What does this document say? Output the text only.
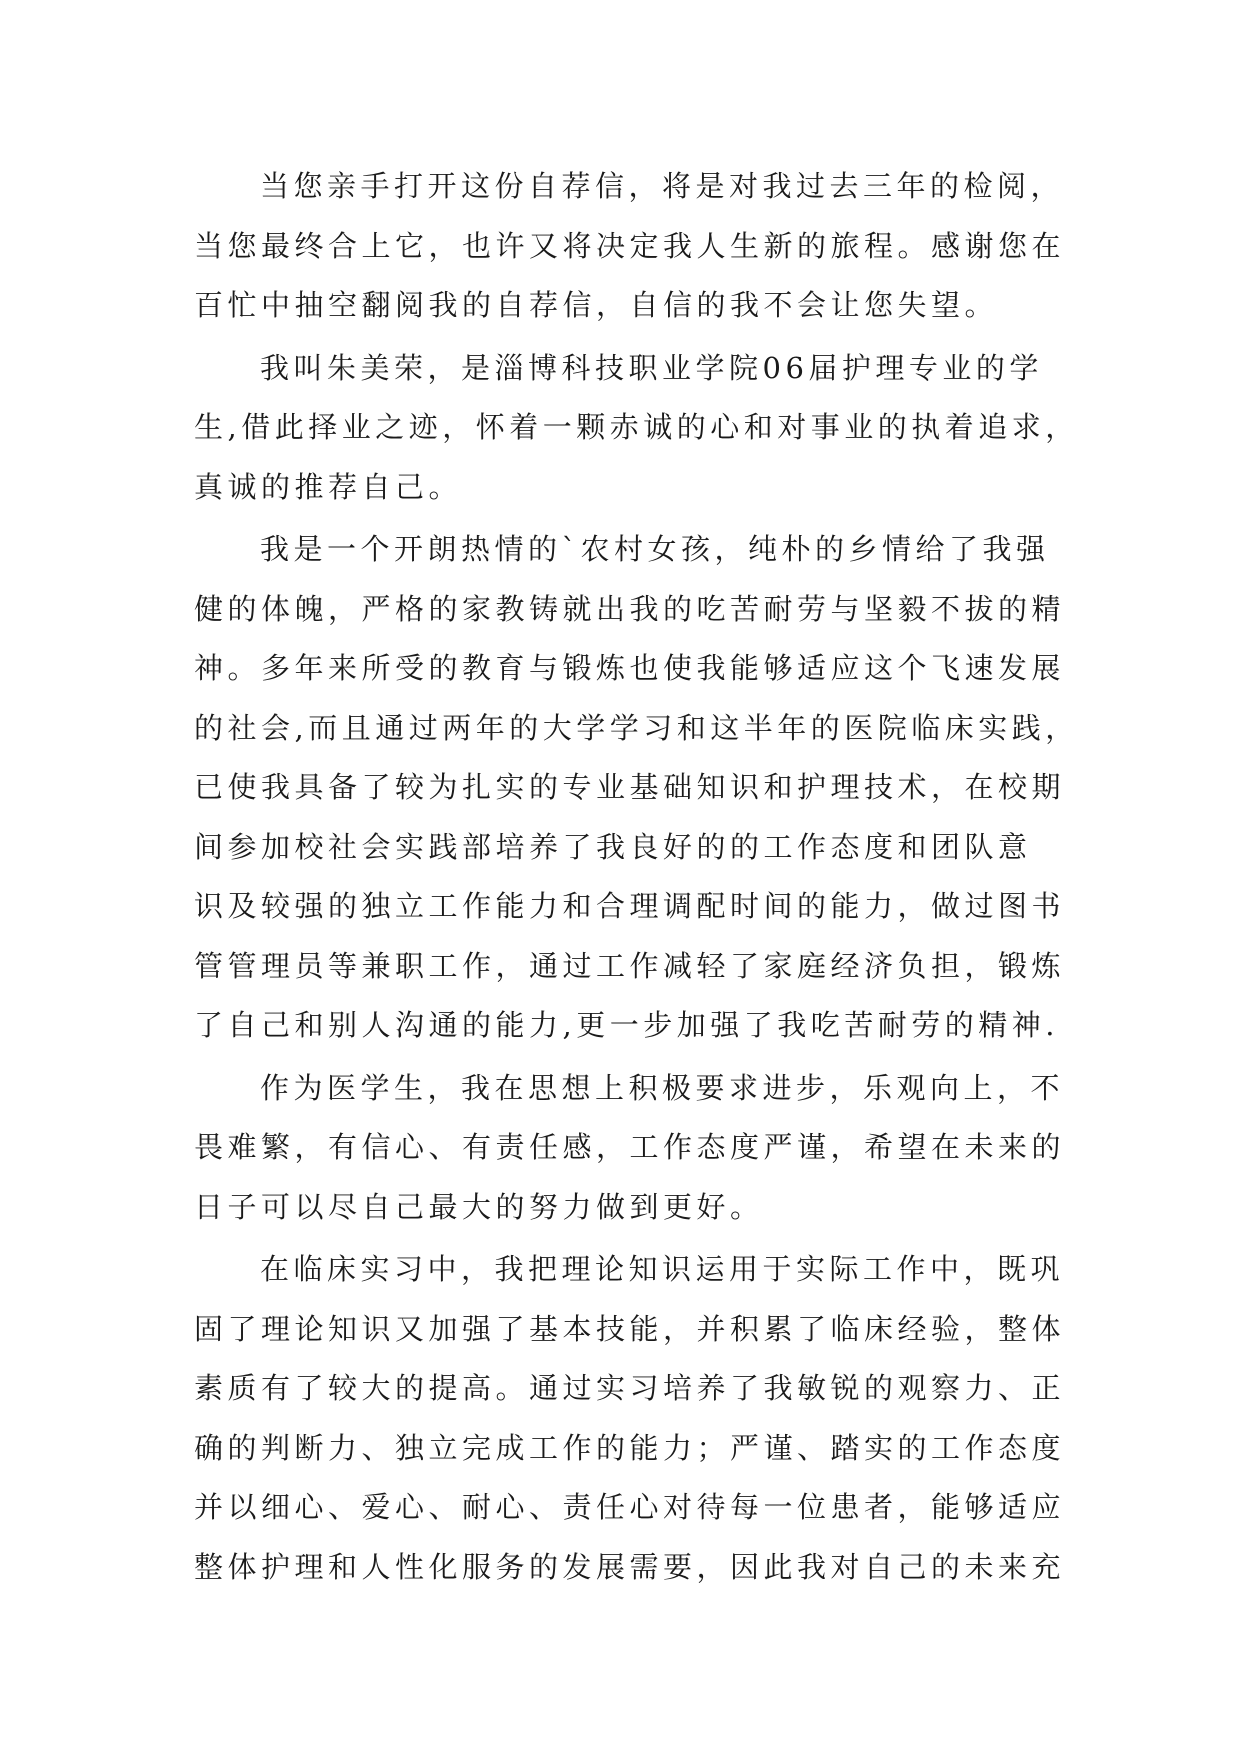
当您亲手打开这份自荐信，将是对我过去三年的检阅，
当您最终合上它，也许又将决定我人生新的旅程。感谢您在
百忙中抽空翻阅我的自荐信，自信的我不会让您失望。
我叫朱美荣，是淄博科技职业学院06届护理专业的学
生,借此择业之迹，怀着一颗赤诚的心和对事业的执着追求，
真诚的推荐自己。
我是一个开朗热情的`农村女孩，纯朴的乡情给了我强
健的体魄，严格的家教铸就出我的吃苦耐劳与坚毅不拔的精
神。多年来所受的教育与锻炼也使我能够适应这个飞速发展
的社会,而且通过两年的大学学习和这半年的医院临床实践，
已使我具备了较为扎实的专业基础知识和护理技术，在校期
间参加校社会实践部培养了我良好的的工作态度和团队意
识及较强的独立工作能力和合理调配时间的能力，做过图书
管管理员等兼职工作，通过工作减轻了家庭经济负担，锻炼
了自己和别人沟通的能力,更一步加强了我吃苦耐劳的精神.
作为医学生，我在思想上积极要求进步，乐观向上，不
畏难繁，有信心、有责任感，工作态度严谨，希望在未来的
日子可以尽自己最大的努力做到更好。
在临床实习中，我把理论知识运用于实际工作中，既巩
固了理论知识又加强了基本技能，并积累了临床经验，整体
素质有了较大的提高。通过实习培养了我敏锐的观察力、正
确的判断力、独立完成工作的能力；严谨、踏实的工作态度
并以细心、爱心、耐心、责任心对待每一位患者，能够适应
整体护理和人性化服务的发展需要，因此我对自己的未来充
